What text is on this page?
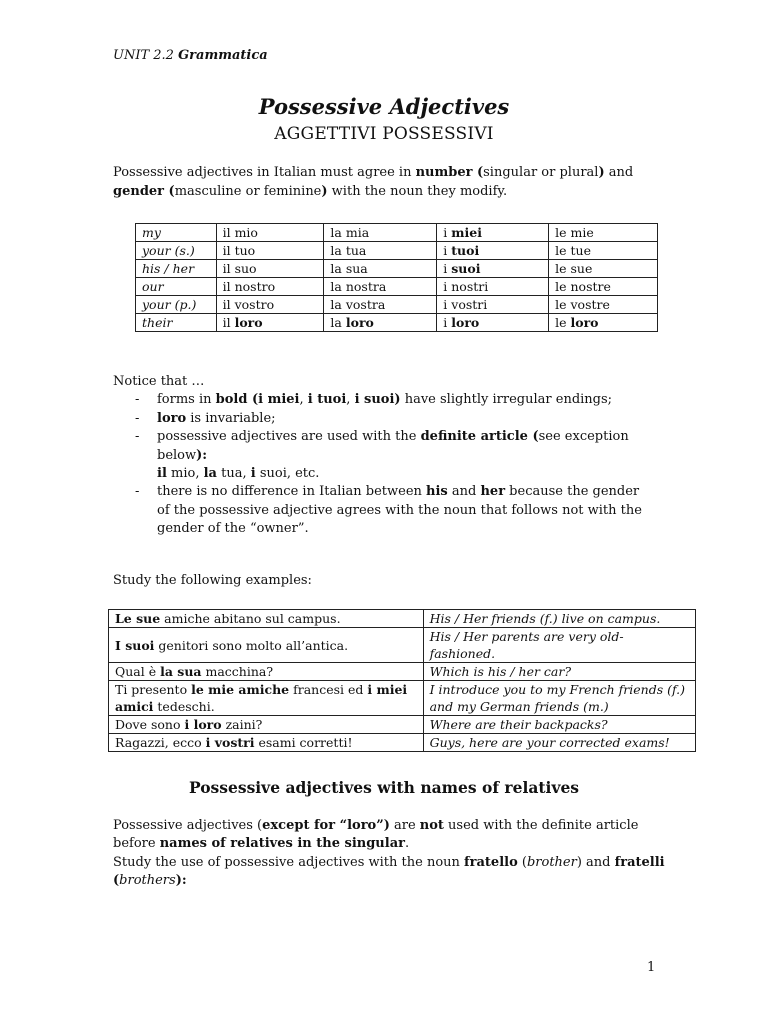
UNIT 2.2 Grammatica
Possessive Adjectives
AGGETTIVI POSSESSIVI
Possessive adjectives in Italian must agree in number (singular or plural) and
gender (masculine or feminine) with the noun they modify.
my	il mio	la mia	i miei	le mie
your (s.)	il tuo	la tua	i tuoi	le tue
his / her	il suo	la sua	i suoi	le sue
our	il nostro	la nostra	i nostri	le nostre
your (p.)	il vostro	la vostra	i vostri	le vostre
their	il loro	la loro	i loro	le loro
Notice that …
- forms in bold (i miei, i tuoi, i suoi) have slightly irregular endings;
- loro is invariable;
- possessive adjectives are used with the definite article (see exception
below):
il mio, la tua, i suoi, etc.
- there is no difference in Italian between his and her because the gender of the possessive adjective agrees with the noun that follows not with the gender of the “owner”.
Study the following examples:
Le sue amiche abitano sul campus.	His / Her friends (f.) live on campus.
I suoi genitori sono molto all’antica.	His / Her parents are very old-fashioned.
Qual è la sua macchina?	Which is his / her car?
Ti presento le mie amiche francesi ed i miei amici tedeschi.	I introduce you to my French friends (f.) and my German friends (m.)
Dove sono i loro zaini?	Where are their backpacks?
Ragazzi, ecco i vostri esami corretti!	Guys, here are your corrected exams!
Possessive adjectives with names of relatives
Possessive adjectives (except for “loro”) are not used with the definite article
before names of relatives in the singular.
Study the use of possessive adjectives with the noun fratello (brother) and fratelli
(brothers):
1
